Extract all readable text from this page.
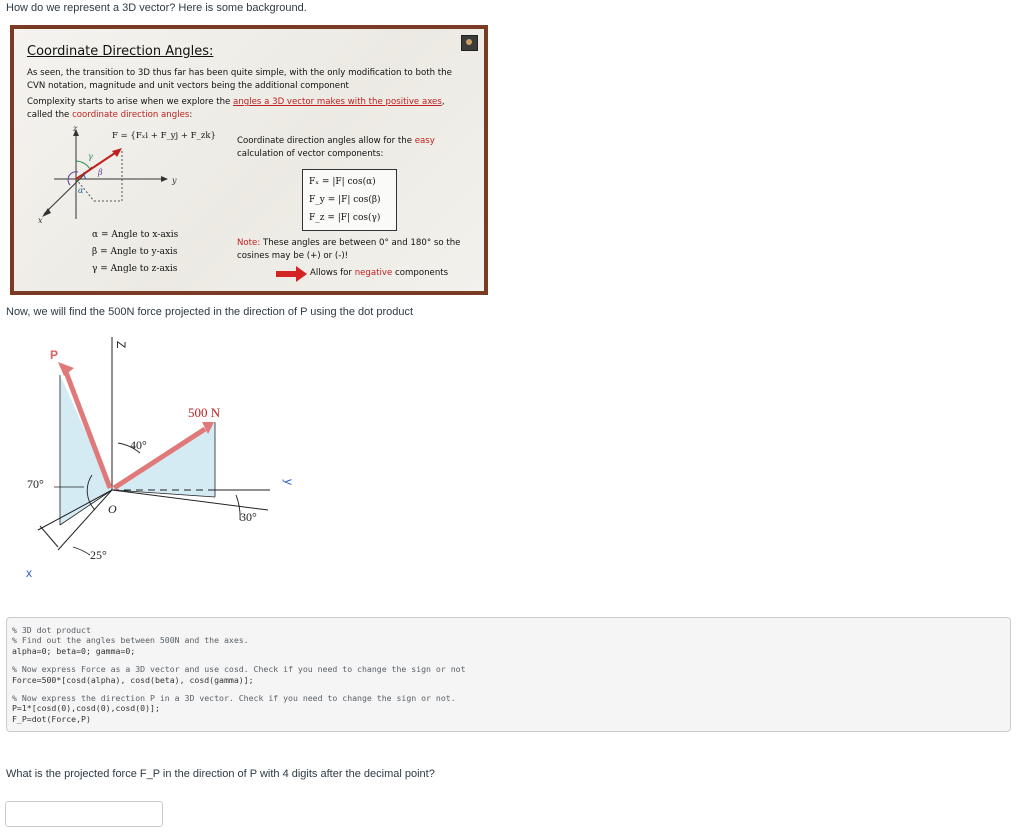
How do we represent a 3D vector? Here is some background.
Coordinate Direction Angles:
As seen, the transition to 3D thus far has been quite simple, with the only modification to both the CVN notation, magnitude and unit vectors being the additional component
Complexity starts to arise when we explore the angles a 3D vector makes with the positive axes, called the coordinate direction angles:
z
y
x
γ
β
α
F = {Fₓi + F_yj + F_zk} Coordinate direction angles allow for the easy calculation of vector components:
Fₓ = |F| cos(α)
F_y = |F| cos(β)
F_z = |F| cos(γ)
α = Angle to x-axis
β = Angle to y-axis
γ = Angle to z-axis
Note: These angles are between 0° and 180° so the cosines may be (+) or (-)!
Allows for negative components
Now, we will find the 500N force projected in the direction of P using the dot product
P
Z
500 N
40°
70°
O
30°
25°
x
y
% 3D dot product
% Find out the angles between 500N and the axes.
alpha=0; beta=0; gamma=0;
% Now express Force as a 3D vector and use cosd. Check if you need to change the sign or not
Force=500*[cosd(alpha), cosd(beta), cosd(gamma)];
% Now express the direction P in a 3D vector. Check if you need to change the sign or not.
P=1*[cosd(0),cosd(0),cosd(0)];
F_P=dot(Force,P)
What is the projected force F_P in the direction of P with 4 digits after the decimal point?
